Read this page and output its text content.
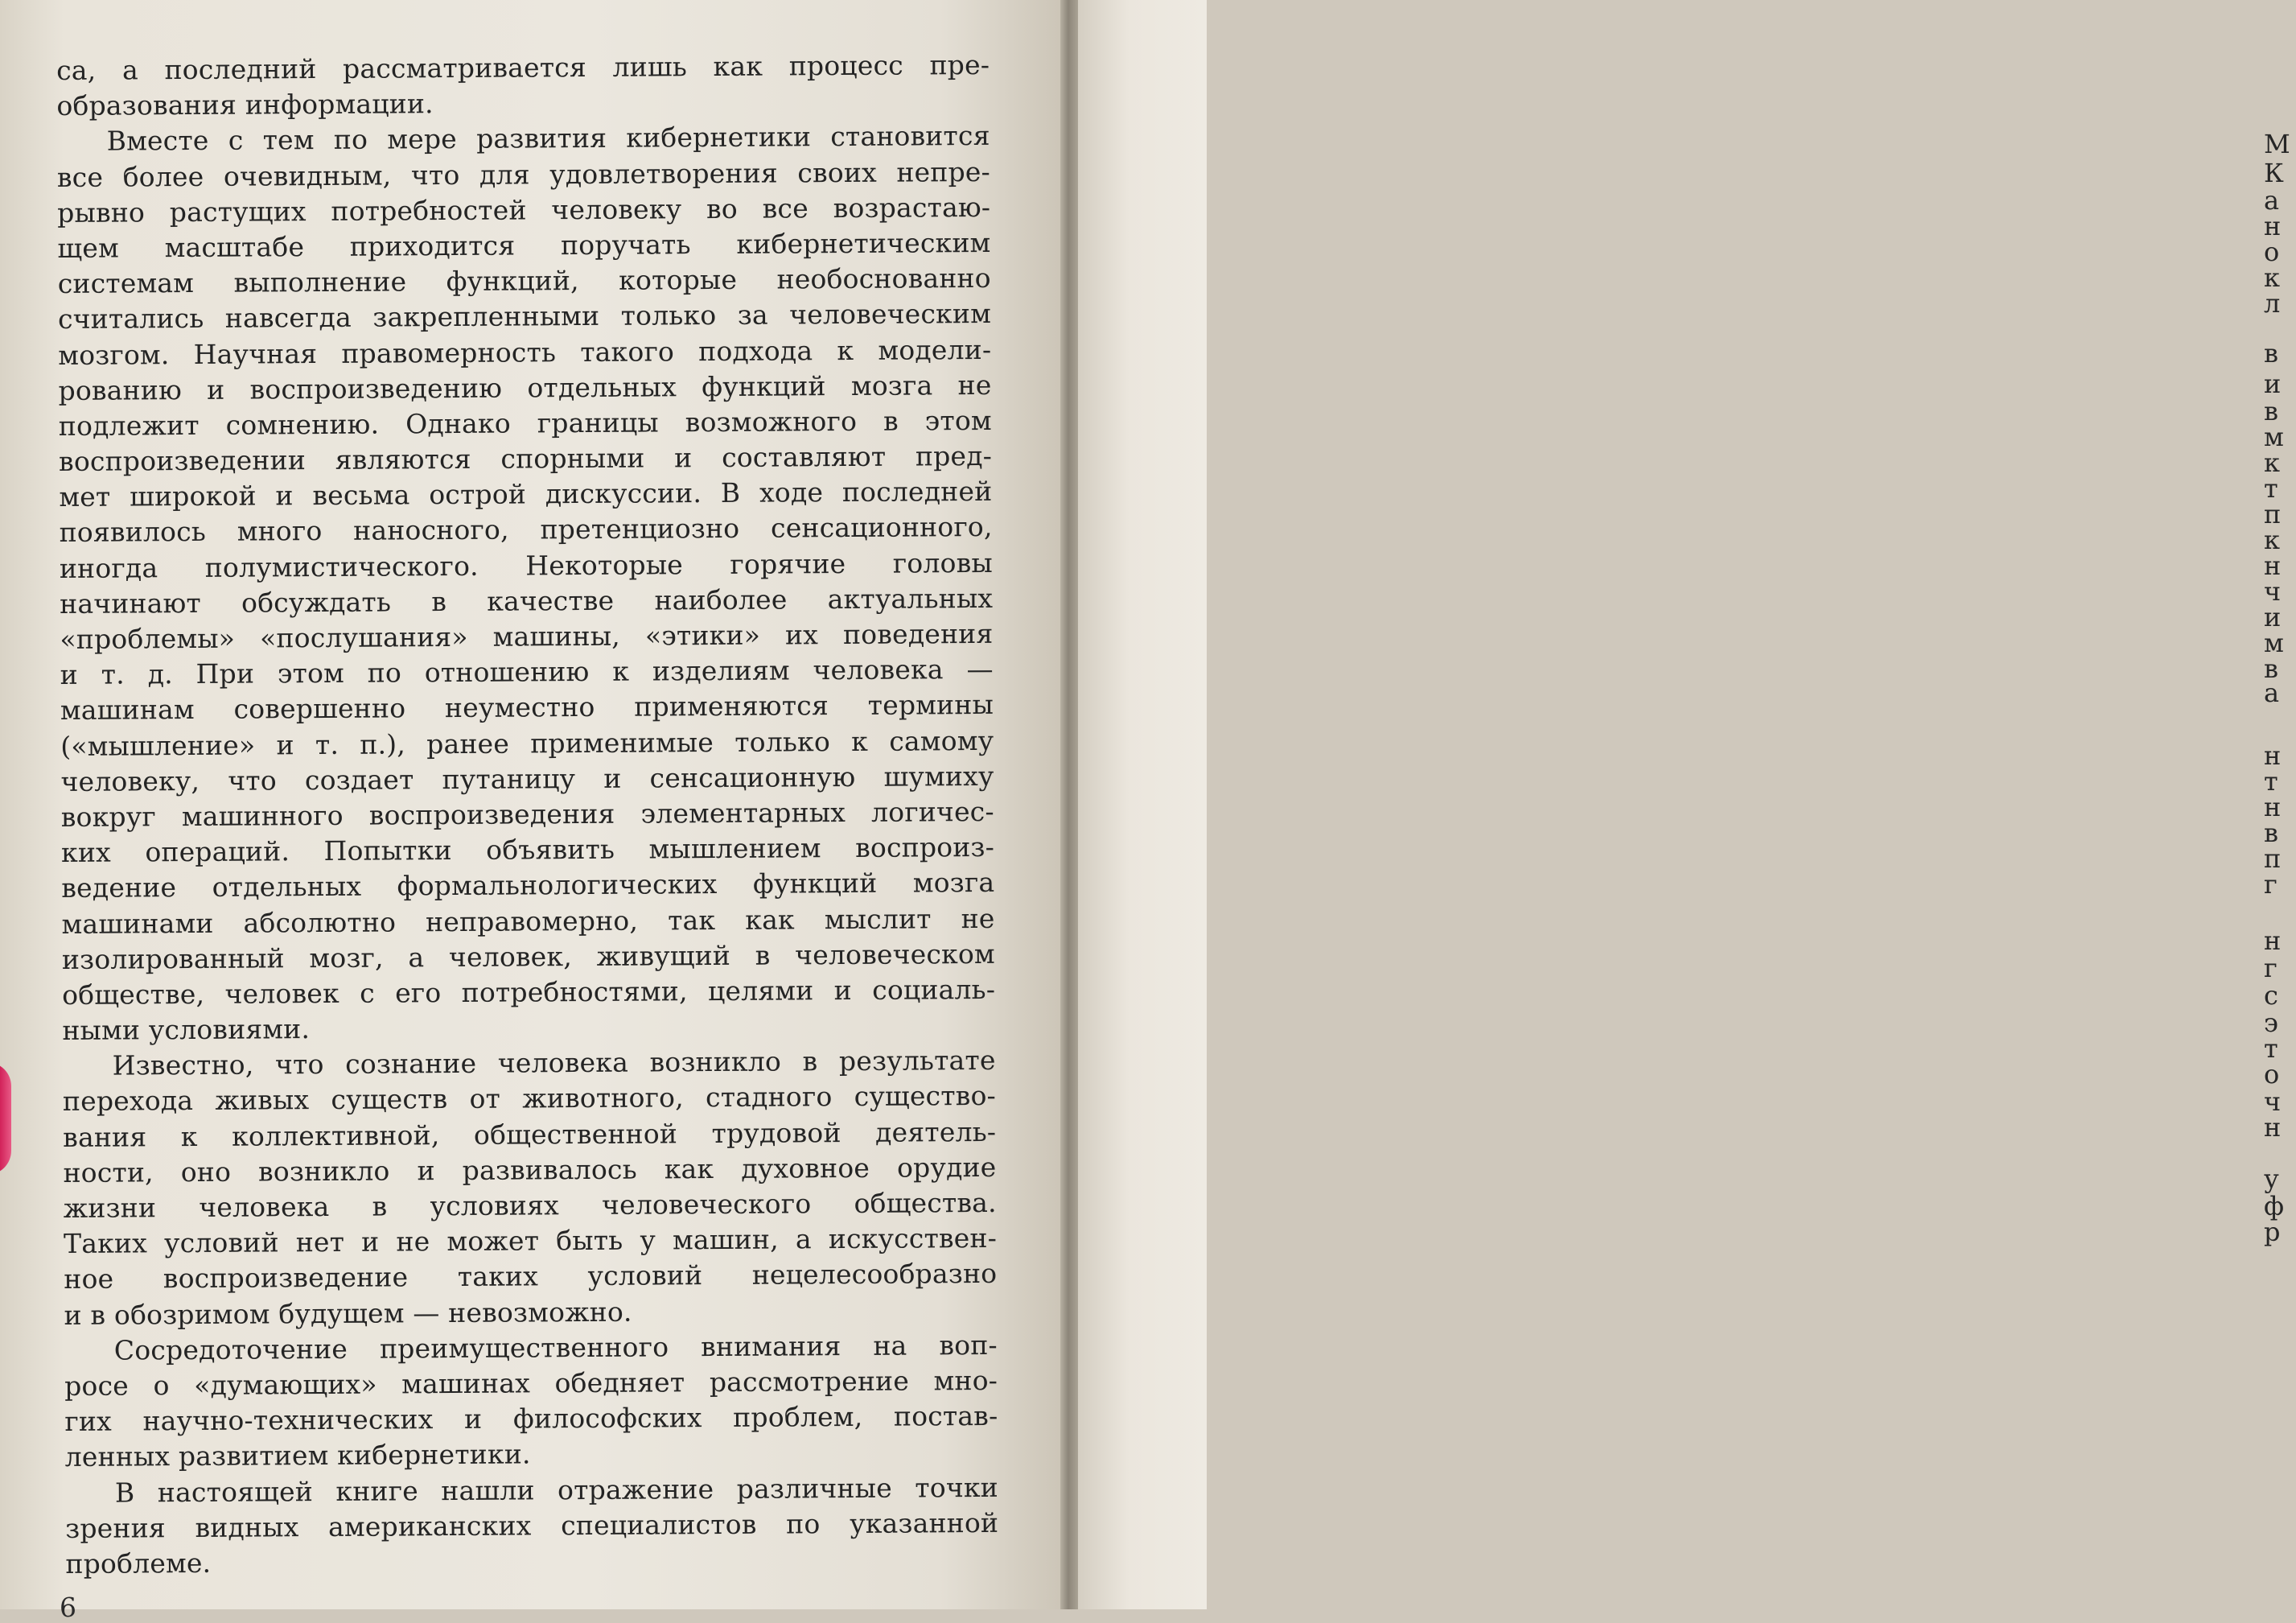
са, а последний рассматривается лишь как процесс пре-
образования информации.
Вместе с тем по мере развития кибернетики становится
все более очевидным, что для удовлетворения своих непре-
рывно растущих потребностей человеку во все возрастаю-
щем масштабе приходится поручать кибернетическим
системам выполнение функций, которые необоснованно
считались навсегда закрепленными только за человеческим
мозгом. Научная правомерность такого подхода к модели-
рованию и воспроизведению отдельных функций мозга не
подлежит сомнению. Однако границы возможного в этом
воспроизведении являются спорными и составляют пред-
мет широкой и весьма острой дискуссии. В ходе последней
появилось много наносного, претенциозно сенсационного,
иногда полумистического. Некоторые горячие головы
начинают обсуждать в качестве наиболее актуальных
«проблемы» «послушания» машины, «этики» их поведения
и т. д. При этом по отношению к изделиям человека —
машинам совершенно неуместно применяются термины
(«мышление» и т. п.), ранее применимые только к самому
человеку, что создает путаницу и сенсационную шумиху
вокруг машинного воспроизведения элементарных логичес-
ких операций. Попытки объявить мышлением воспроиз-
ведение отдельных формальнологических функций мозга
машинами абсолютно неправомерно, так как мыслит не
изолированный мозг, а человек, живущий в человеческом
обществе, человек с его потребностями, целями и социаль-
ными условиями.
Известно, что сознание человека возникло в результате
перехода живых существ от животного, стадного существо-
вания к коллективной, общественной трудовой деятель-
ности, оно возникло и развивалось как духовное орудие
жизни человека в условиях человеческого общества.
Таких условий нет и не может быть у машин, а искусствен-
ное воспроизведение таких условий нецелесообразно
и в обозримом будущем — невозможно.
Сосредоточение преимущественного внимания на воп-
росе о «думающих» машинах обедняет рассмотрение мно-
гих научно-технических и философских проблем, постав-
ленных развитием кибернетики.
В настоящей книге нашли отражение различные точки
зрения видных американских специалистов по указанной
проблеме.
6
М
К
а
н
о
к
л
в
и
в
м
к
т
п
к
н
ч
и
м
в
а
н
т
н
в
п
г
н
г
с
э
т
о
ч
н
у
ф
р
